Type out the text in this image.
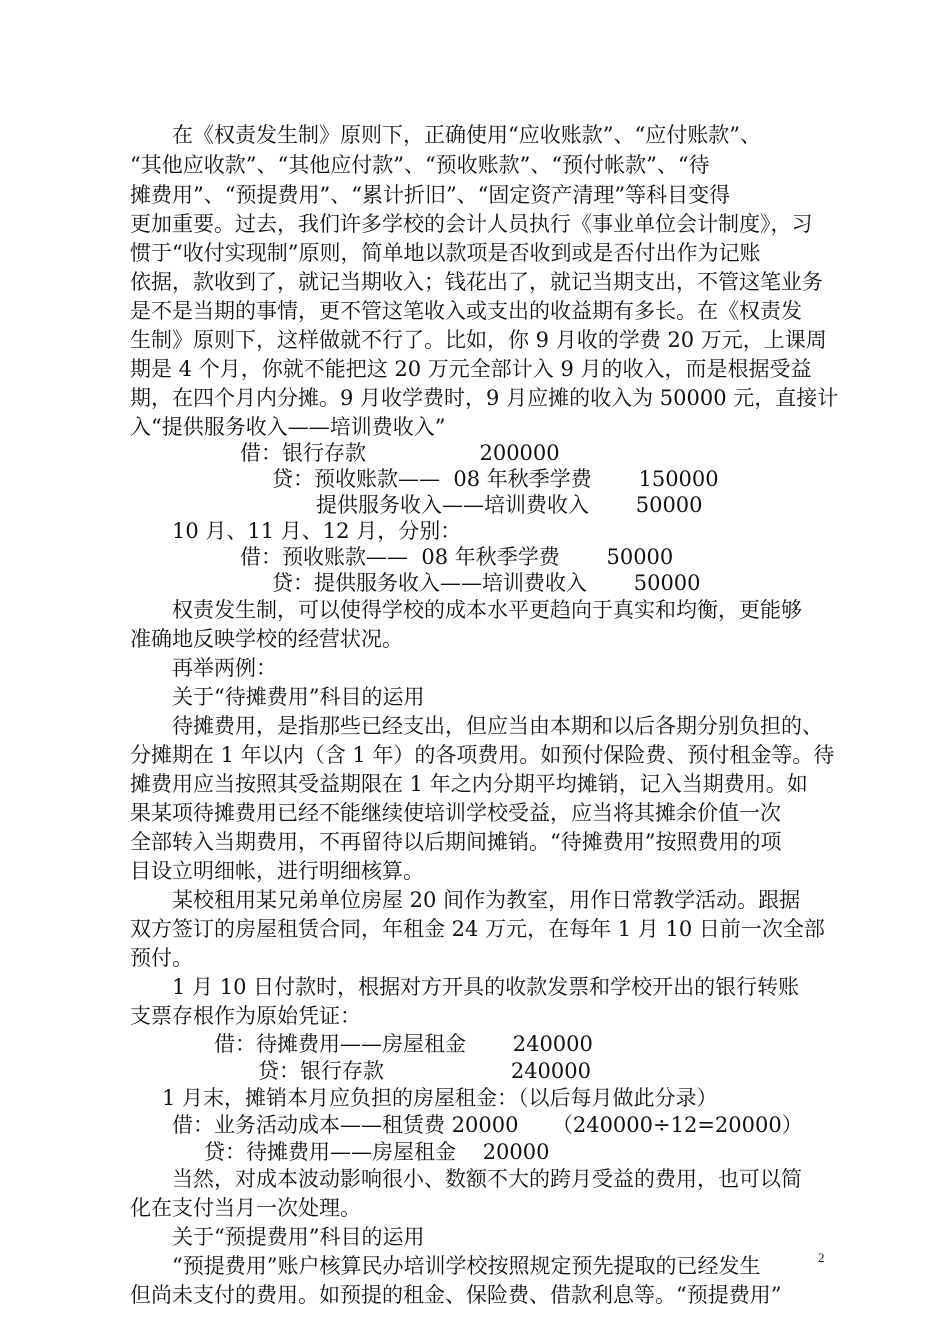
在《权责发生制》原则下，正确使用“应收账款”、“应付账款”、
“其他应收款”、“其他应付款”、“预收账款”、“预付帐款”、“待
摊费用”、“预提费用”、“累计折旧”、“固定资产清理”等科目变得
更加重要。过去，我们许多学校的会计人员执行《事业单位会计制度》，习
惯于“收付实现制”原则，简单地以款项是否收到或是否付出作为记账
依据，款收到了，就记当期收入；钱花出了，就记当期支出，不管这笔业务
是不是当期的事情，更不管这笔收入或支出的收益期有多长。在《权责发
生制》原则下，这样做就不行了。比如，你 9 月收的学费 20 万元，上课周
期是 4 个月，你就不能把这 20 万元全部计入 9 月的收入，而是根据受益
期，在四个月内分摊。9 月收学费时，9 月应摊的收入为 50000 元，直接计
入“提供服务收入——培训费收入”
借：银行存款                 200000
贷：预收账款——  08 年秋季学费       150000
提供服务收入——培训费收入       50000
10 月、11 月、12 月，分别：
借：预收账款——  08 年秋季学费       50000
贷：提供服务收入——培训费收入       50000
权责发生制，可以使得学校的成本水平更趋向于真实和均衡，更能够
准确地反映学校的经营状况。
再举两例：
关于“待摊费用”科目的运用
待摊费用，是指那些已经支出，但应当由本期和以后各期分别负担的、
分摊期在 1 年以内（含 1 年）的各项费用。如预付保险费、预付租金等。待
摊费用应当按照其受益期限在 1 年之内分期平均摊销，记入当期费用。如
果某项待摊费用已经不能继续使培训学校受益，应当将其摊余价值一次
全部转入当期费用，不再留待以后期间摊销。“待摊费用”按照费用的项
目设立明细帐，进行明细核算。
某校租用某兄弟单位房屋 20 间作为教室，用作日常教学活动。跟据
双方签订的房屋租赁合同，年租金 24 万元，在每年 1 月 10 日前一次全部
预付。
1 月 10 日付款时，根据对方开具的收款发票和学校开出的银行转账
支票存根作为原始凭证：
借：待摊费用——房屋租金       240000
贷：银行存款                   240000
1 月末，摊销本月应负担的房屋租金：（以后每月做此分录）
借：业务活动成本——租赁费 20000     （240000÷12=20000）
贷：待摊费用——房屋租金    20000
当然，对成本波动影响很小、数额不大的跨月受益的费用，也可以简
化在支付当月一次处理。
关于“预提费用”科目的运用
“预提费用”账户核算民办培训学校按照规定预先提取的已经发生
但尚未支付的费用。如预提的租金、保险费、借款利息等。“预提费用”
2
